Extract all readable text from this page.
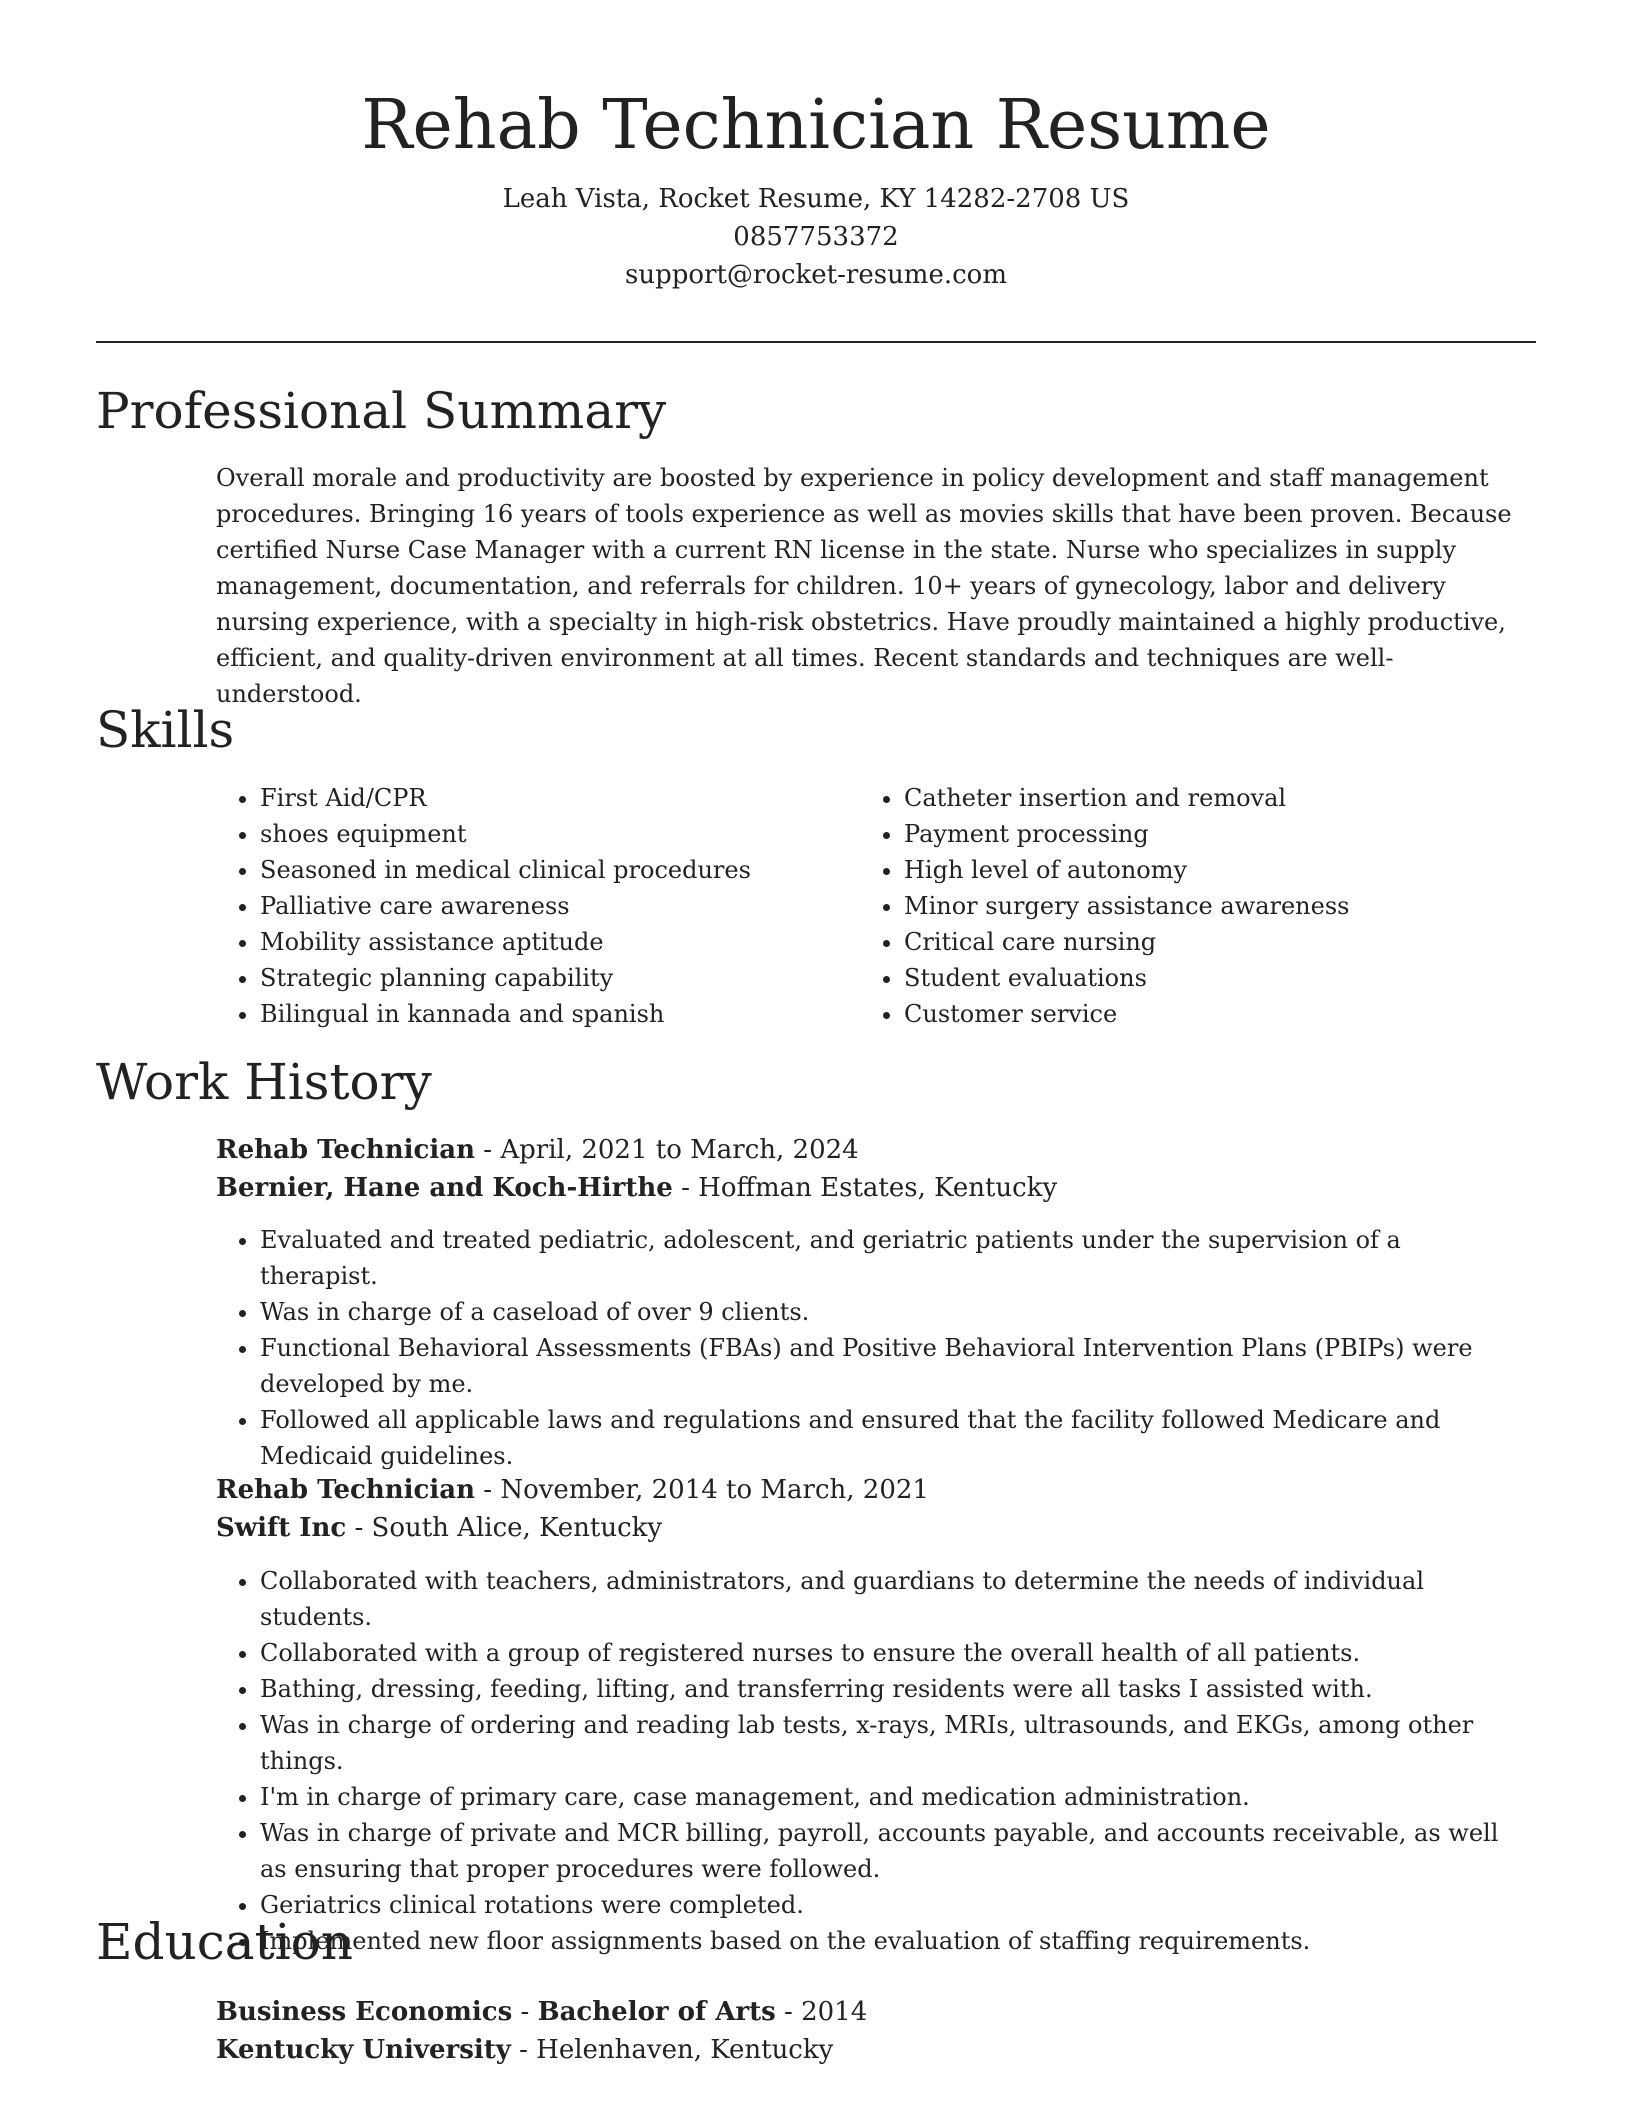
Rehab Technician Resume

Leah Vista, Rocket Resume, KY 14282-2708 US

0857753372

support@rocket-resume.com

Professional Summary

Overall morale and productivity are boosted by experience in policy development and staff management procedures. Bringing 16 years of tools experience as well as movies skills that have been proven. Because certified Nurse Case Manager with a current RN license in the state. Nurse who specializes in supply management, documentation, and referrals for children. 10+ years of gynecology, labor and delivery nursing experience, with a specialty in high-risk obstetrics. Have proudly maintained a highly productive, efficient, and quality-driven environment at all times. Recent standards and techniques are well-understood.

Skills
• First Aid/CPR
• shoes equipment
• Seasoned in medical clinical procedures
• Palliative care awareness
• Mobility assistance aptitude
• Strategic planning capability
• Bilingual in kannada and spanish
• Catheter insertion and removal
• Payment processing
• High level of autonomy
• Minor surgery assistance awareness
• Critical care nursing
• Student evaluations
• Customer service
Work History
Rehab Technician - April, 2021 to March, 2024
Bernier, Hane and Koch-Hirthe - Hoffman Estates, Kentucky
• Evaluated and treated pediatric, adolescent, and geriatric patients under the supervision of a therapist.
• Was in charge of a caseload of over 9 clients.
• Functional Behavioral Assessments (FBAs) and Positive Behavioral Intervention Plans (PBIPs) were developed by me.
• Followed all applicable laws and regulations and ensured that the facility followed Medicare and Medicaid guidelines.
Rehab Technician - November, 2014 to March, 2021
Swift Inc - South Alice, Kentucky
• Collaborated with teachers, administrators, and guardians to determine the needs of individual students.
• Collaborated with a group of registered nurses to ensure the overall health of all patients.
• Bathing, dressing, feeding, lifting, and transferring residents were all tasks I assisted with.
• Was in charge of ordering and reading lab tests, x-rays, MRIs, ultrasounds, and EKGs, among other things.
• I'm in charge of primary care, case management, and medication administration.
• Was in charge of private and MCR billing, payroll, accounts payable, and accounts receivable, as well as ensuring that proper procedures were followed.
• Geriatrics clinical rotations were completed.
• Implemented new floor assignments based on the evaluation of staffing requirements.
Education
Business Economics - Bachelor of Arts - 2014
Kentucky University - Helenhaven, Kentucky
